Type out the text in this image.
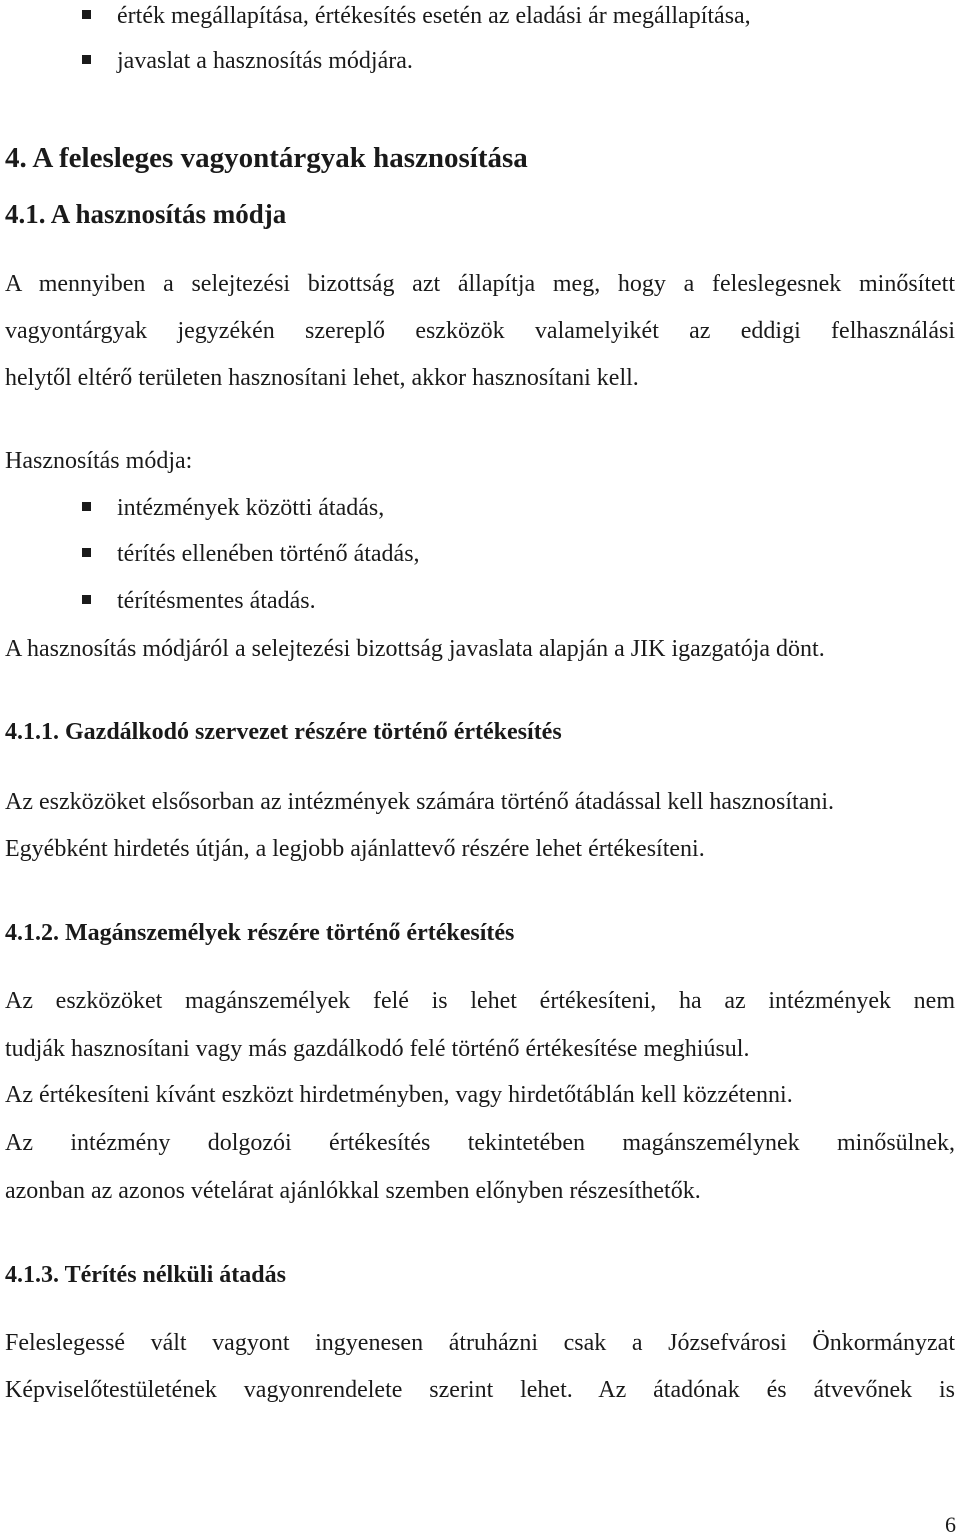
érték megállapítása, értékesítés esetén az eladási ár megállapítása,
javaslat a hasznosítás módjára.
4. A felesleges vagyontárgyak hasznosítása
4.1. A hasznosítás módja
A mennyiben a selejtezési bizottság azt állapítja meg, hogy a feleslegesnek minősített
vagyontárgyak jegyzékén szereplő eszközök valamelyikét az eddigi felhasználási
helytől eltérő területen hasznosítani lehet, akkor hasznosítani kell.
Hasznosítás módja:
intézmények közötti átadás,
térítés ellenében történő átadás,
térítésmentes átadás.
A hasznosítás módjáról a selejtezési bizottság javaslata alapján a JIK igazgatója dönt.
4.1.1. Gazdálkodó szervezet részére történő értékesítés
Az eszközöket elsősorban az intézmények számára történő átadással kell hasznosítani.
Egyébként hirdetés útján, a legjobb ajánlattevő részére lehet értékesíteni.
4.1.2. Magánszemélyek részére történő értékesítés
Az eszközöket magánszemélyek felé is lehet értékesíteni, ha az intézmények nem
tudják hasznosítani vagy más gazdálkodó felé történő értékesítése meghiúsul.
Az értékesíteni kívánt eszközt hirdetményben, vagy hirdetőtáblán kell közzétenni.
Az intézmény dolgozói értékesítés tekintetében magánszemélynek minősülnek,
azonban az azonos vételárat ajánlókkal szemben előnyben részesíthetők.
4.1.3. Térítés nélküli átadás
Feleslegessé vált vagyont ingyenesen átruházni csak a Józsefvárosi Önkormányzat
Képviselőtestületének vagyonrendelete szerint lehet. Az átadónak és átvevőnek is
6
